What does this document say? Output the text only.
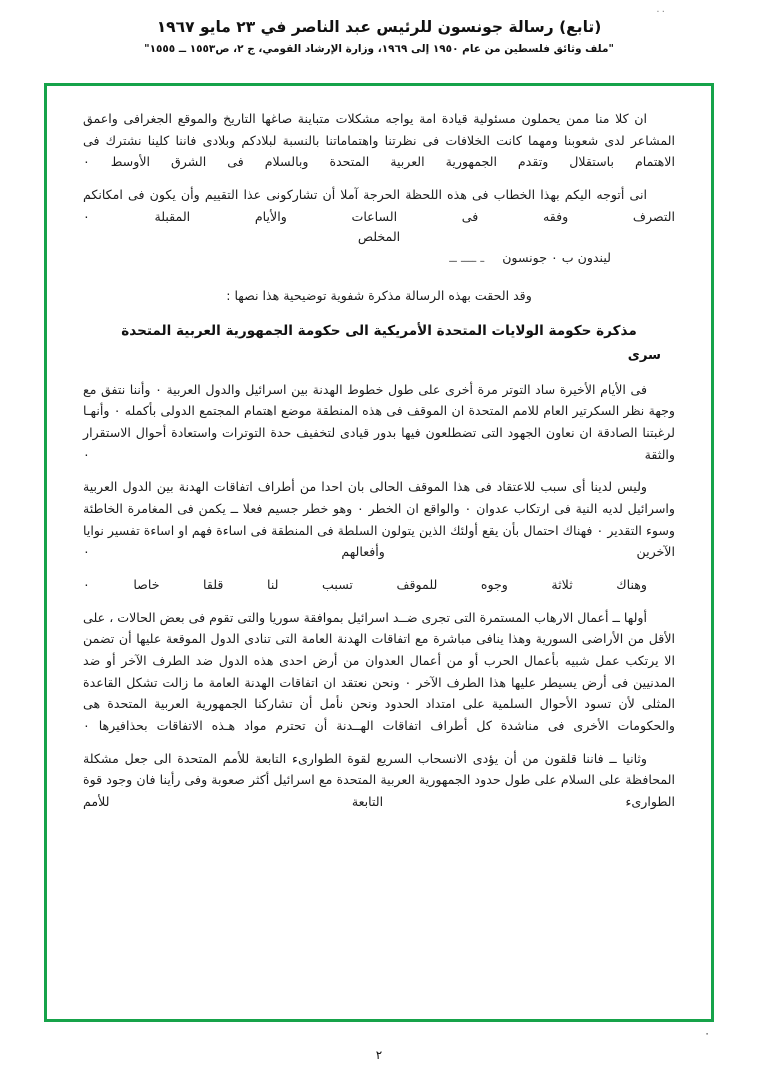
٠٠
(تابع) رسالة جونسون للرئيس عبد الناصر في ٢٣ مايو ١٩٦٧
"ملف وثائق فلسطين من عام ١٩٥٠ إلى ١٩٦٩، وزارة الإرشاد القومي، ج ٢، ص١٥٥٣ ــ ١٥٥٥"

ان كلا منا ممن يحملون مسئولية قيادة امة يواجه مشكلات متباينة صاغها التاريخ والموقع الجغرافى واعمق المشاعر لدى شعوبنا ومهما كانت الخلافات فى نظرتنا واهتماماتنا بالنسبة لبلادكم وبلادى فاننا كلينا نشترك فى الاهتمام باستقلال وتقدم الجمهورية العربية المتحدة وبالسلام فى الشرق الأوسط ٠

انى أتوجه اليكم بهذا الخطاب فى هذه اللحظة الحرجة آملا أن تشاركونى عذا التقييم وأن يكون فى امكانكم التصرف وفقه فى الساعات والأيام المقبلة ٠

المخلص

ليندون ب ٠ جونسون ـ ــــ ــ

وقد الحقت بهذه الرسالة مذكرة شفوية توضيحية هذا نصها :

مذكرة حكومة الولايات المتحدة الأمريكية الى حكومة الجمهورية العربية المتحدة

سرى

فى الأيام الأخيرة ساد التوتر مرة أخرى على طول خطوط الهدنة بين اسرائيل والدول العربية ٠ وأننا نتفق مع وجهة نظر السكرتير العام للامم المتحدة ان الموقف فى هذه المنطقة موضع اهتمام المجتمع الدولى بأكمله ٠ وأنهـا لرغبتنا الصادقة ان نعاون الجهود التى تضطلعون فيها بدور قيادى لتخفيف حدة التوترات واستعادة أحوال الاستقرار والثقة ٠

وليس لدينا أى سبب للاعتقاد فى هذا الموقف الحالى بان احدا من أطراف اتفاقات الهدنة بين الدول العربية واسرائيل لديه النية فى ارتكاب عدوان ٠ والواقع ان الخطر ٠ وهو خطر جسيم فعلا ــ يكمن فى المغامرة الخاطئة وسوء التقدير ٠ فهناك احتمال بأن يقع أولئك الذين يتولون السلطة فى المنطقة فى اساءة فهم او اساءة تفسير نوايا الآخرين وأفعالهم ٠

وهناك ثلاثة وجوه للموقف تسبب لنا قلقا خاصا ٠

أولها ــ أعمال الارهاب المستمرة التى تجرى ضــد اسرائيل بموافقة سوريا والتى تقوم فى بعض الحالات ، على الأقل من الأراضى السورية وهذا ينافى مباشرة مع اتفاقات الهدنة العامة التى تنادى الدول الموقعة عليها أن تضمن الا يرتكب عمل شبيه بأعمال الحرب أو من أعمال العدوان من أرض احدى هذه الدول ضد الطرف الآخر أو ضد المدنيين فى أرض يسيطر عليها هذا الطرف الآخر ٠ ونحن نعتقد ان اتفاقات الهدنة العامة ما زالت تشكل القاعدة المثلى لأن تسود الأحوال السلمية على امتداد الحدود ونحن نأمل أن تشاركنا الجمهورية العربية المتحدة هى والحكومات الأخرى فى مناشدة كل أطراف اتفاقات الهــدنة أن تحترم مواد هـذه الاتفاقات بحذافيرها ٠

وثانيا ــ فاننا قلقون من أن يؤدى الانسحاب السريع لقوة الطوارىء التابعة للأمم المتحدة الى جعل مشكلة المحافظة على السلام على طول حدود الجمهورية العربية المتحدة مع اسرائيل أكثر صعوبة وفى رأينا فان وجود قوة الطوارىء التابعة للأمم

٠
٢
